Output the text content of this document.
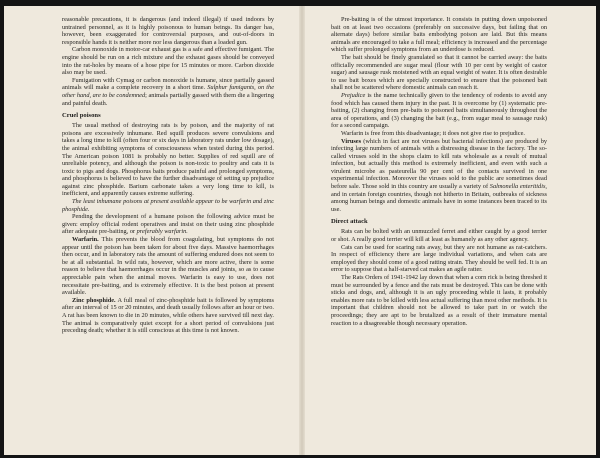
reasonable precautions, it is dangerous (and indeed illegal) if used indoors by untrained personnel, as it is highly poisonous to human beings. Its danger has, however, been exaggerated for controversial purposes, and out-of-doors in responsible hands it is neither more nor less dangerous than a loaded gun.

Carbon monoxide in motor-car exhaust gas is a safe and effective fumigant. The engine should be run on a rich mixture and the exhaust gases should be conveyed into the rat-holes by means of a hose pipe for 15 minutes or more. Carbon dioxide also may be used.

Fumigation with Cymag or carbon monoxide is humane, since partially gassed animals will make a complete recovery in a short time. Sulphur fumigants, on the other hand, are to be condemned; animals partially gassed with them die a lingering and painful death.

Cruel poisons

The usual method of destroying rats is by poison, and the majority of rat poisons are excessively inhumane. Red squill produces severe convulsions and takes a long time to kill (often four or six days in laboratory rats under low dosage), the animal exhibiting symptoms of consciousness when tested during this period. The American poison 1081 is probably no better. Supplies of red squill are of unreliable potency, and although the poison is non-toxic to poultry and cats it is toxic to pigs and dogs. Phosphorus baits produce painful and prolonged symptoms, and phosphorus is believed to have the further disadvantage of setting up prejudice against zinc phosphide. Barium carbonate takes a very long time to kill, is inefficient, and apparently causes extreme suffering.

The least inhumane poisons at present available appear to be warfarin and zinc phosphide.

Pending the development of a humane poison the following advice must be given: employ official rodent operatives and insist on their using zinc phosphide after adequate pre-baiting, or preferably warfarin.

Warfarin. This prevents the blood from coagulating, but symptoms do not appear until the poison has been taken for about five days. Massive haemorrhages then occur, and in laboratory rats the amount of suffering endured does not seem to be at all substantial. In wild rats, however, which are more active, there is some reason to believe that haemorrhages occur in the muscles and joints, so as to cause appreciable pain when the animal moves. Warfarin is easy to use, does not necessitate pre-baiting, and is extremely effective. It is the best poison at present available.

Zinc phosphide. A full meal of zinc-phosphide bait is followed by symptoms after an interval of 15 or 20 minutes, and death usually follows after an hour or two. A rat has been known to die in 20 minutes, while others have survived till next day. The animal is comparatively quiet except for a short period of convulsions just preceding death; whether it is still conscious at this time is not known.

Pre-baiting is of the utmost importance. It consists in putting down unpoisoned bait on at least two occasions (preferably on successive days, but failing that on alternate days) before similar baits embodying poison are laid. But this means animals are encouraged to take a full meal; efficiency is increased and the percentage which suffer prolonged symptoms from an underdose is reduced.

The bait should be finely granulated so that it cannot be carried away: the baits officially recommended are sugar meal (flour with 10 per cent by weight of castor sugar) and sausage rusk moistened with an equal weight of water. It is often desirable to use bait boxes which are specially constructed to ensure that the poisoned bait shall not be scattered where domestic animals can reach it.

Prejudice is the name technically given to the tendency of rodents to avoid any food which has caused them injury in the past. It is overcome by (1) systematic pre-baiting, (2) changing from pre-baits to poisoned baits simultaneously throughout the area of operations, and (3) changing the bait (e.g., from sugar meal to sausage rusk) for a second campaign.

Warfarin is free from this disadvantage; it does not give rise to prejudice.

Viruses (which in fact are not viruses but bacterial infections) are produced by infecting large numbers of animals with a distressing disease in the factory. The so-called viruses sold in the shops claim to kill rats wholesale as a result of mutual infection, but actually this method is extremely inefficient, and even with such a virulent microbe as pasteurella 90 per cent of the contacts survived in one experimental infection. Moreover the viruses sold to the public are sometimes dead before sale. Those sold in this country are usually a variety of Salmonella enteritidis, and in certain foreign countries, though not hitherto in Britain, outbreaks of sickness among human beings and domestic animals have in some instances been traced to its use.

Direct attack

Rats can be bolted with an unmuzzled ferret and either caught by a good terrier or shot. A really good terrier will kill at least as humanely as any other agency.

Cats can be used for scaring rats away, but they are not humane as rat-catchers. In respect of efficiency there are large individual variations, and when cats are employed they should come of a good ratting strain. They should be well fed. It is an error to suppose that a half-starved cat makes an agile ratter.

The Rats Orders of 1941-1942 lay down that when a corn rick is being threshed it must be surrounded by a fence and the rats must be destroyed. This can be done with sticks and dogs, and, although it is an ugly proceeding while it lasts, it probably enables more rats to be killed with less actual suffering than most other methods. It is important that children should not be allowed to take part in or watch the proceedings; they are apt to be brutalized as a result of their immature mental reaction to a disagreeable though necessary operation.
